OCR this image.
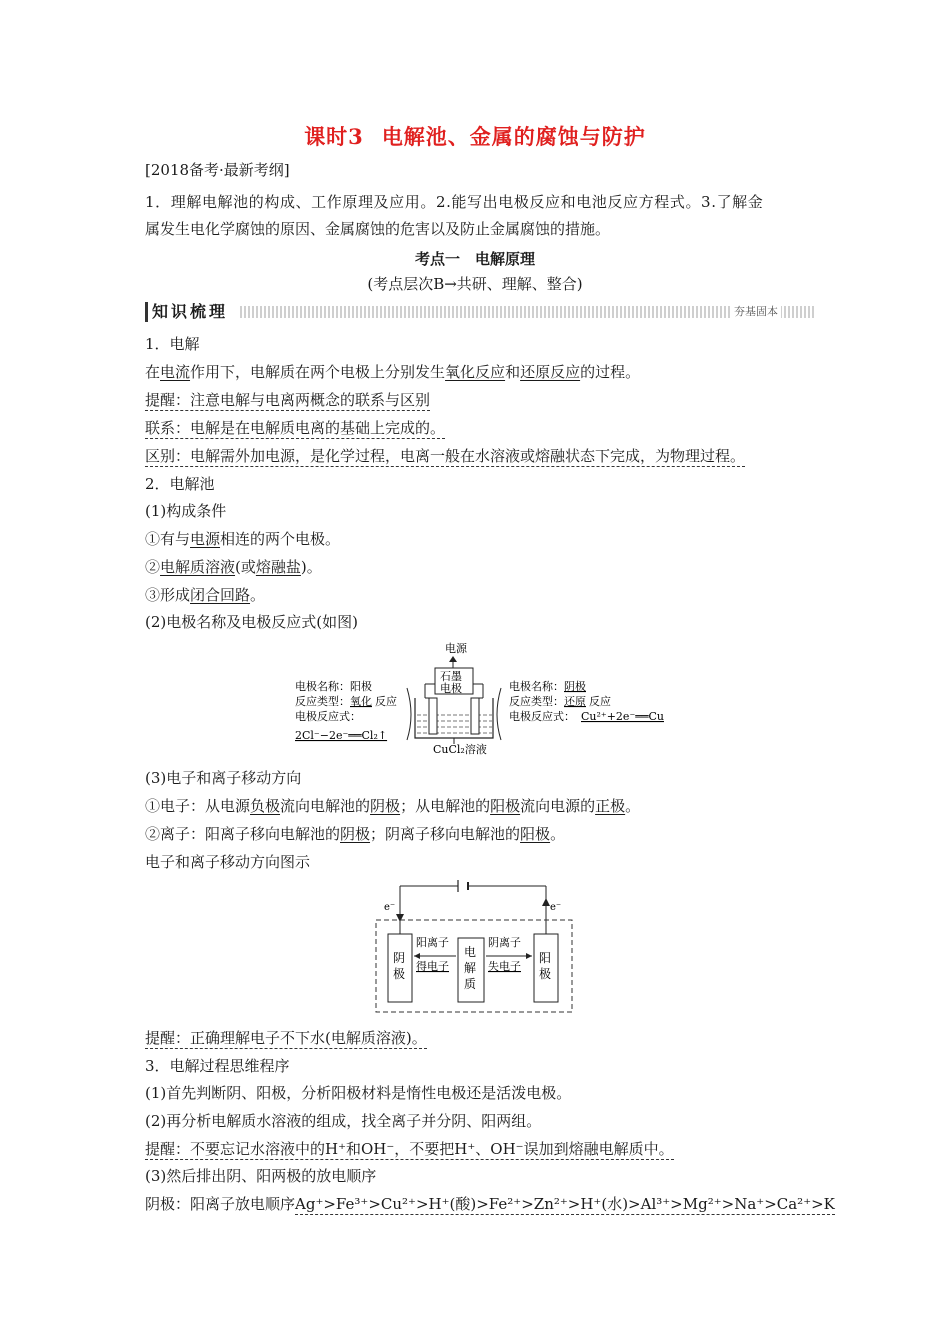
课时3 电解池、金属的腐蚀与防护
[2018备考·最新考纲]
1．理解电解池的构成、工作原理及应用。2.能写出电极反应和电池反应方程式。3.了解金
属发生电化学腐蚀的原因、金属腐蚀的危害以及防止金属腐蚀的措施。
考点一　电解原理
(考点层次B→共研、理解、整合)
知识梳理	夯基固本
1．电解
在电流作用下，电解质在两个电极上分别发生氧化反应和还原反应的过程。
提醒：注意电解与电离两概念的联系与区别
联系：电解是在电解质电离的基础上完成的。
区别：电解需外加电源，是化学过程，电离一般在水溶液或熔融状态下完成，为物理过程。
2．电解池
(1)构成条件
①有与电源相连的两个电极。
②电解质溶液(或熔融盐)。
③形成闭合回路。
(2)电极名称及电极反应式(如图)
电源
石墨
电极
电极名称：阳极
反应类型：氧化 反应
电极反应式：
2Cl⁻−2e⁻══Cl₂↑
电极名称：阴极
反应类型：还原 反应
电极反应式： Cu²⁺+2e⁻══Cu
CuCl₂溶液
(3)电子和离子移动方向
①电子：从电源负极流向电解池的阴极；从电解池的阳极流向电源的正极。
②离子：阳离子移向电解池的阴极；阴离子移向电解池的阳极。
电子和离子移动方向图示
e⁻	e⁻
阴
极
电
解
质
阳
极
阳离子
得电子
阴离子
失电子
提醒：正确理解电子不下水(电解质溶液)。
3．电解过程思维程序
(1)首先判断阴、阳极，分析阳极材料是惰性电极还是活泼电极。
(2)再分析电解质水溶液的组成，找全离子并分阴、阳两组。
提醒：不要忘记水溶液中的H⁺和OH⁻，不要把H⁺、OH⁻误加到熔融电解质中。
(3)然后排出阴、阳两极的放电顺序
阴极：阳离子放电顺序Ag⁺>Fe³⁺>Cu²⁺>H⁺(酸)>Fe²⁺>Zn²⁺>H⁺(水)>Al³⁺>Mg²⁺>Na⁺>Ca²⁺>K
